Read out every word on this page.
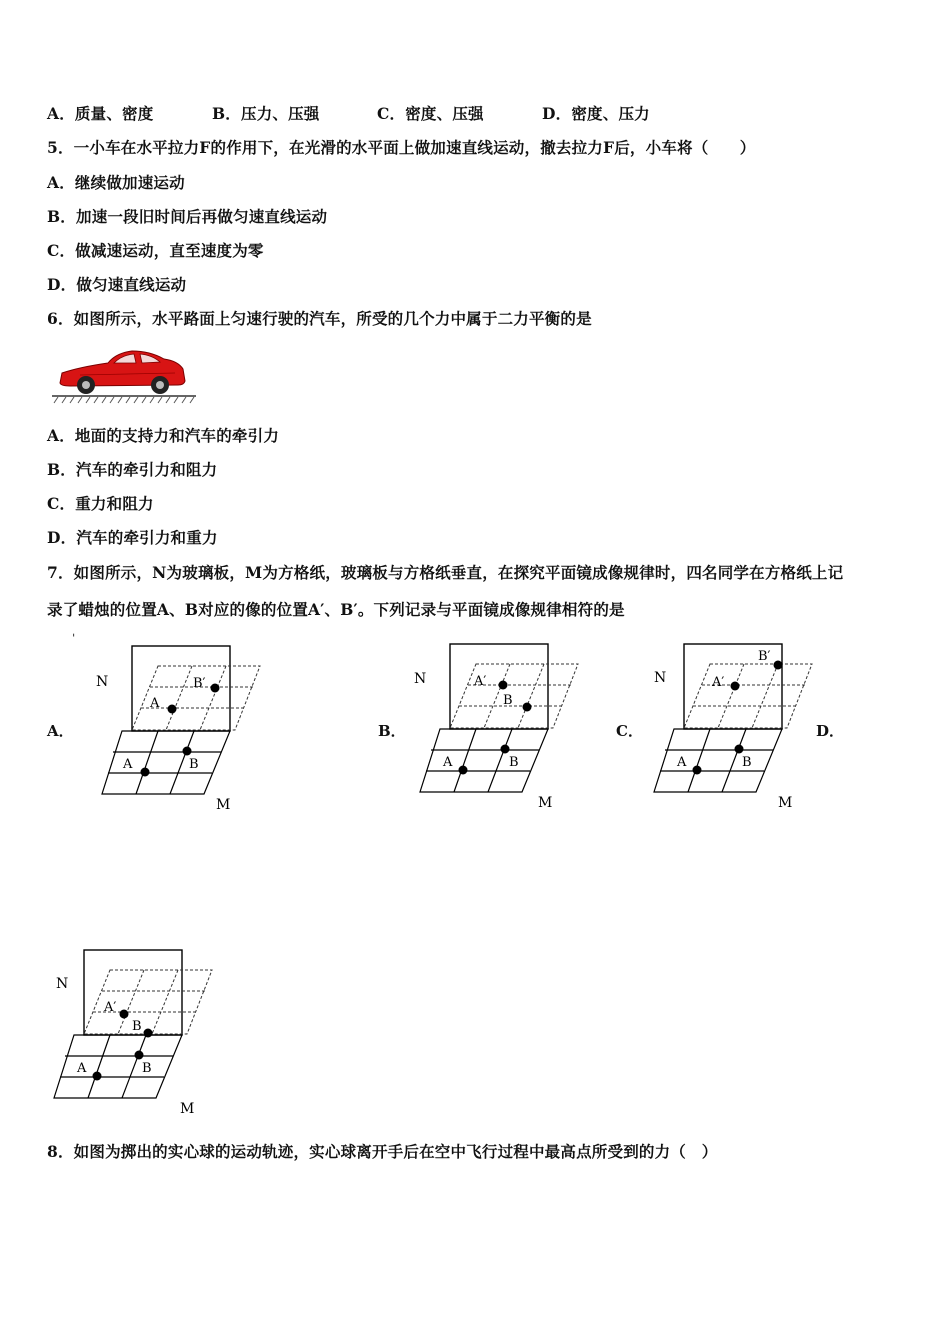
A．质量、密度	B．压力、压强	C．密度、压强	D．密度、压力
5．一小车在水平拉力F的作用下，在光滑的水平面上做加速直线运动，撤去拉力F后，小车将（　　）
A．继续做加速运动
B．加速一段旧时间后再做匀速直线运动
C．做减速运动，直至速度为零
D．做匀速直线运动
6．如图所示，水平路面上匀速行驶的汽车，所受的几个力中属于二力平衡的是
A．地面的支持力和汽车的牵引力
B．汽车的牵引力和阻力
C．重力和阻力
D．汽车的牵引力和重力
7．如图所示，N为玻璃板，M为方格纸，玻璃板与方格纸垂直，在探究平面镜成像规律时，四名同学在方格纸上记
录了蜡烛的位置A、B对应的像的位置A′、B′。下列记录与平面镜成像规律相符的是
ˌ
A．	B．	C．	D．
B′
A
A	B
N
M
A′
B
A	B
N
M
B′
A′
A	B
N
M
A′
B
A	B
N
M
8．如图为掷出的实心球的运动轨迹，实心球离开手后在空中飞行过程中最高点所受到的力（　）
